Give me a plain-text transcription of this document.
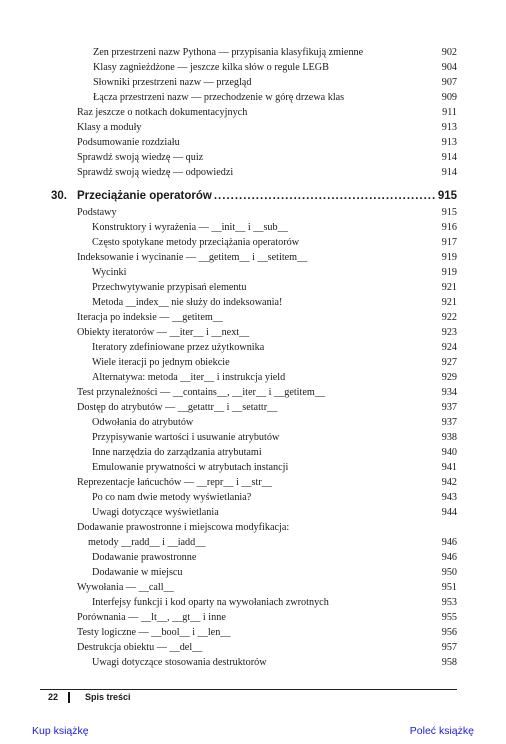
Zen przestrzeni nazw Pythona — przypisania klasyfikują zmienne	902
Klasy zagnieżdżone — jeszcze kilka słów o regule LEGB	904
Słowniki przestrzeni nazw — przegląd	907
Łącza przestrzeni nazw — przechodzenie w górę drzewa klas	909
Raz jeszcze o notkach dokumentacyjnych	911
Klasy a moduły	913
Podsumowanie rozdziału	913
Sprawdź swoją wiedzę — quiz	914
Sprawdź swoją wiedzę — odpowiedzi	914
30. Przeciążanie operatorów .....	915
Podstawy	915
Konstruktory i wyrażenia — __init__ i __sub__	916
Często spotykane metody przeciążania operatorów	917
Indeksowanie i wycinanie — __getitem__ i __setitem__	919
Wycinki	919
Przechwytywanie przypisań elementu	921
Metoda __index__ nie służy do indeksowania!	921
Iteracja po indeksie — __getitem__	922
Obiekty iteratorów — __iter__ i __next__	923
Iteratory zdefiniowane przez użytkownika	924
Wiele iteracji po jednym obiekcie	927
Alternatywa: metoda __iter__ i instrukcja yield	929
Test przynależności — __contains__, __iter__ i __getitem__	934
Dostęp do atrybutów — __getattr__ i __setattr__	937
Odwołania do atrybutów	937
Przypisywanie wartości i usuwanie atrybutów	938
Inne narzędzia do zarządzania atrybutami	940
Emulowanie prywatności w atrybutach instancji	941
Reprezentacje łańcuchów — __repr__ i __str__	942
Po co nam dwie metody wyświetlania?	943
Uwagi dotyczące wyświetlania	944
Dodawanie prawostronne i miejscowa modyfikacja:
metody __radd__ i __iadd__	946
Dodawanie prawostronne	946
Dodawanie w miejscu	950
Wywołania — __call__	951
Interfejsy funkcji i kod oparty na wywołaniach zwrotnych	953
Porównania — __lt__, __gt__ i inne	955
Testy logiczne — __bool__ i __len__	956
Destrukcja obiektu — __del__	957
Uwagi dotyczące stosowania destruktorów	958
22	Spis treści
Kup książkę	Poleć książkę
